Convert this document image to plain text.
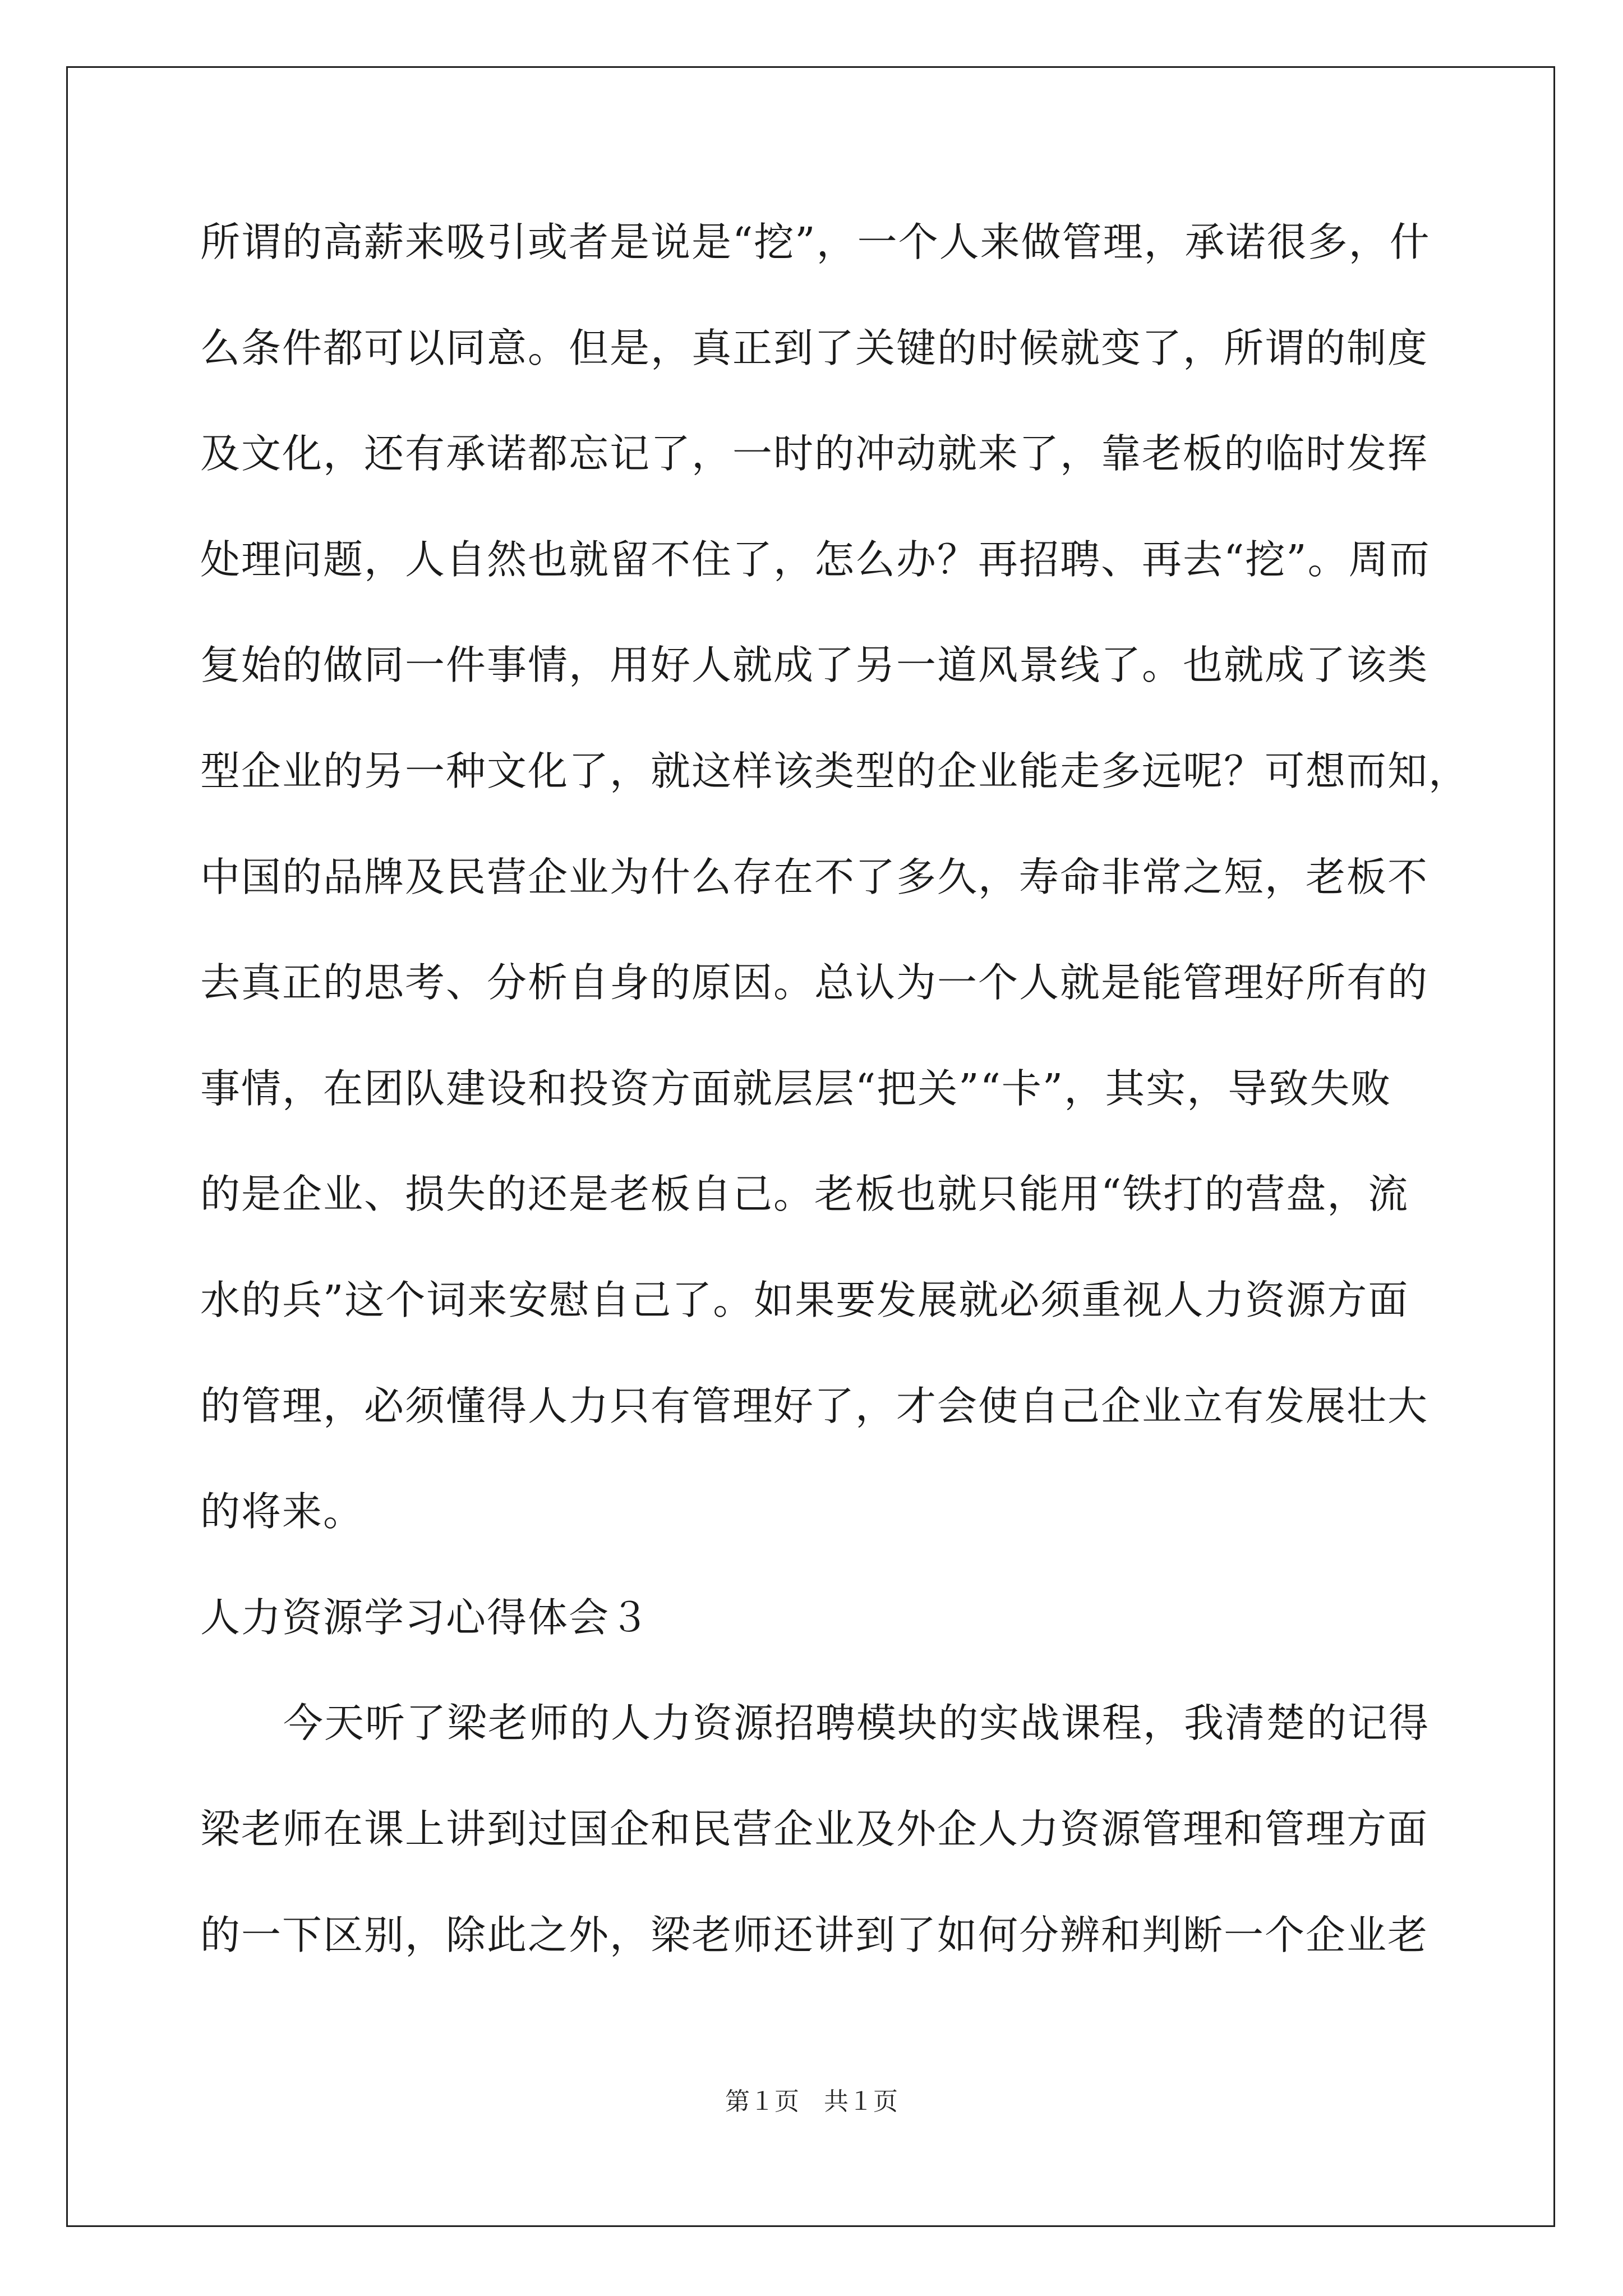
所谓的高薪来吸引或者是说是“挖”，一个人来做管理，承诺很多，什
么条件都可以同意。但是，真正到了关键的时候就变了，所谓的制度
及文化，还有承诺都忘记了，一时的冲动就来了，靠老板的临时发挥
处理问题，人自然也就留不住了，怎么办？再招聘、再去“挖”。周而
复始的做同一件事情，用好人就成了另一道风景线了。也就成了该类
型企业的另一种文化了，就这样该类型的企业能走多远呢？可想而知，
中国的品牌及民营企业为什么存在不了多久，寿命非常之短，老板不
去真正的思考、分析自身的原因。总认为一个人就是能管理好所有的
事情，在团队建设和投资方面就层层“把关”“卡”，其实，导致失败
的是企业、损失的还是老板自己。老板也就只能用“铁打的营盘，流
水的兵”这个词来安慰自己了。如果要发展就必须重视人力资源方面
的管理，必须懂得人力只有管理好了，才会使自己企业立有发展壮大
的将来。
人力资源学习心得体会３
今天听了梁老师的人力资源招聘模块的实战课程，我清楚的记得
梁老师在课上讲到过国企和民营企业及外企人力资源管理和管理方面
的一下区别，除此之外，梁老师还讲到了如何分辨和判断一个企业老
第１页　共１页
